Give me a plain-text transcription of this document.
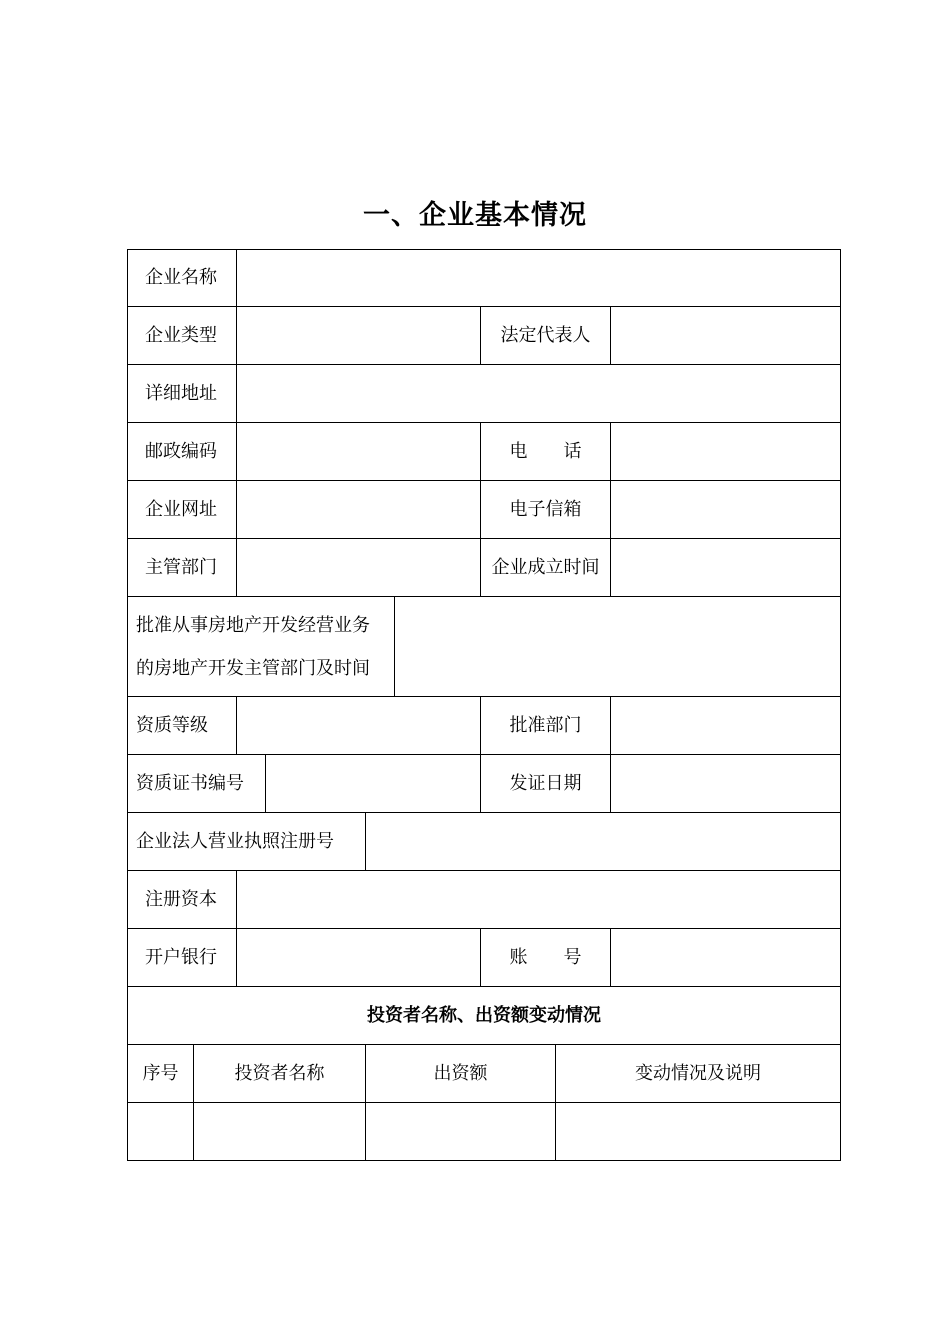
一、企业基本情况
企业名称
企业类型	法定代表人
详细地址
邮政编码	电　　话
企业网址	电子信箱
主管部门	企业成立时间
批准从事房地产开发经营业务
的房地产开发主管部门及时间
资质等级	批准部门
资质证书编号	发证日期
企业法人营业执照注册号
注册资本
开户银行	账　　号
投资者名称、出资额变动情况
序号	投资者名称	出资额	变动情况及说明
